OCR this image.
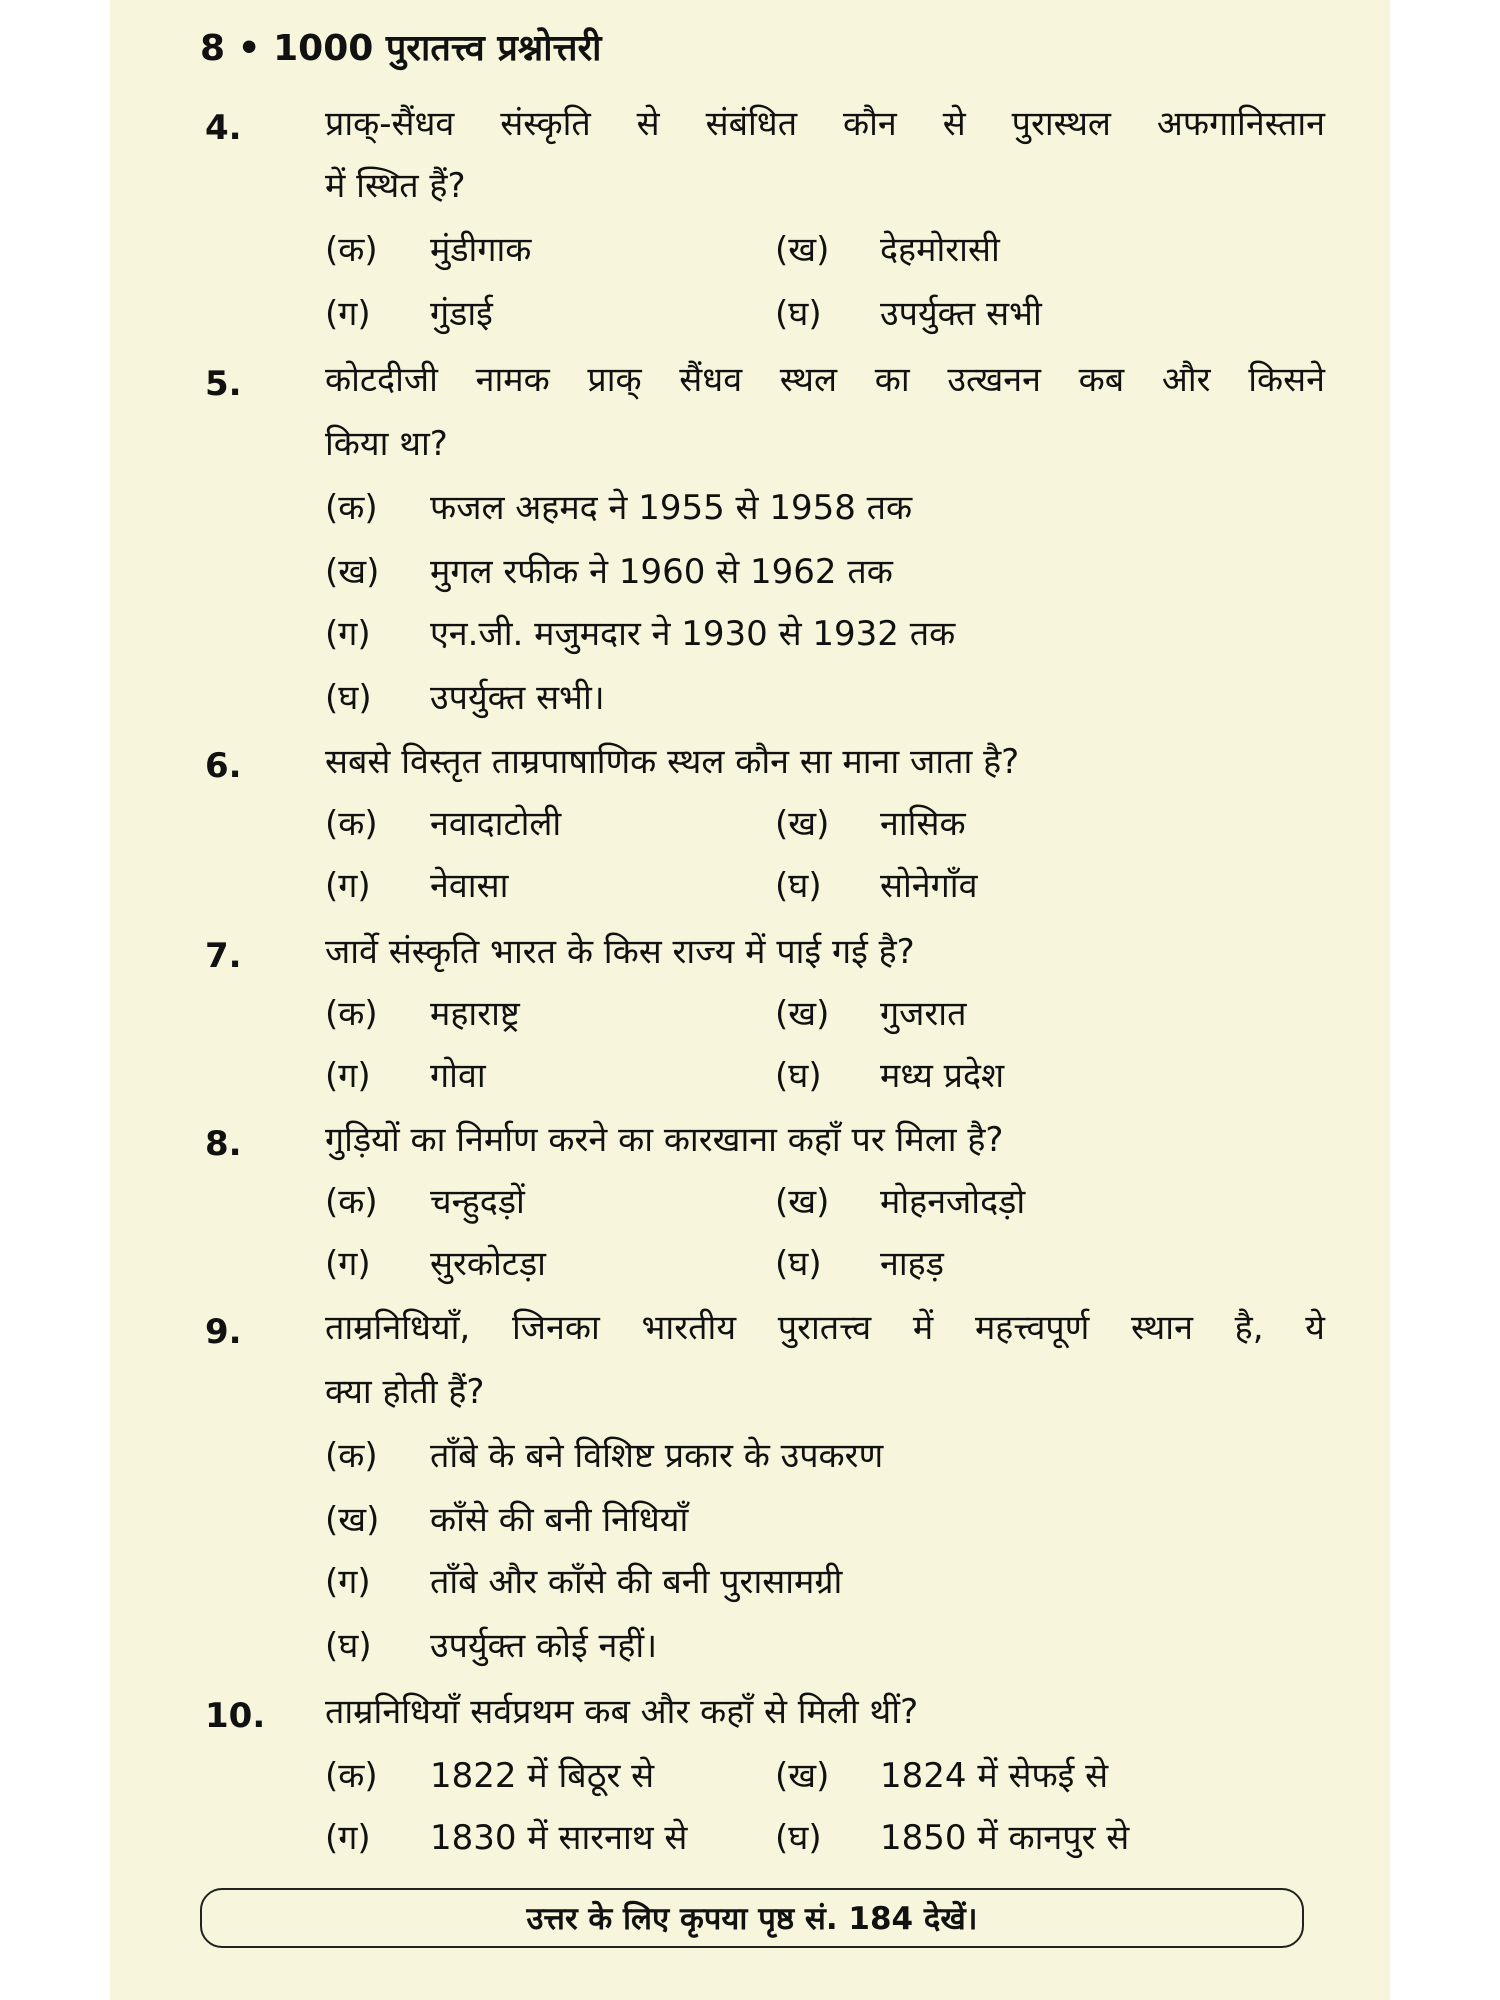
8 • 1000 पुरातत्त्व प्रश्नोत्तरी
4.	प्राक्-सैंधव संस्कृति से संबंधित कौन से पुरास्थल अफगानिस्तान
में स्थित हैं?
(क) मुंडीगाक	(ख) देहमोरासी
(ग) गुंडाई	(घ) उपर्युक्त सभी
5.	कोटदीजी नामक प्राक् सैंधव स्थल का उत्खनन कब और किसने
किया था?
(क) फजल अहमद ने 1955 से 1958 तक
(ख) मुगल रफीक ने 1960 से 1962 तक
(ग) एन.जी. मजुमदार ने 1930 से 1932 तक
(घ) उपर्युक्त सभी।
6.	सबसे विस्तृत ताम्रपाषाणिक स्थल कौन सा माना जाता है?
(क) नवादाटोली	(ख) नासिक
(ग) नेवासा	(घ) सोनेगाँव
7.	जार्वे संस्कृति भारत के किस राज्य में पाई गई है?
(क) महाराष्ट्र	(ख) गुजरात
(ग) गोवा	(घ) मध्य प्रदेश
8.	गुड़ियों का निर्माण करने का कारखाना कहाँ पर मिला है?
(क) चन्हुदड़ों	(ख) मोहनजोदड़ो
(ग) सुरकोटड़ा	(घ) नाहड़
9.	ताम्रनिधियाँ, जिनका भारतीय पुरातत्त्व में महत्त्वपूर्ण स्थान है, ये
क्या होती हैं?
(क) ताँबे के बने विशिष्ट प्रकार के उपकरण
(ख) काँसे की बनी निधियाँ
(ग) ताँबे और काँसे की बनी पुरासामग्री
(घ) उपर्युक्त कोई नहीं।
10.	ताम्रनिधियाँ सर्वप्रथम कब और कहाँ से मिली थीं?
(क) 1822 में बिठूर से	(ख) 1824 में सेफई से
(ग) 1830 में सारनाथ से	(घ) 1850 में कानपुर से
उत्तर के लिए कृपया पृष्ठ सं. 184 देखें।
